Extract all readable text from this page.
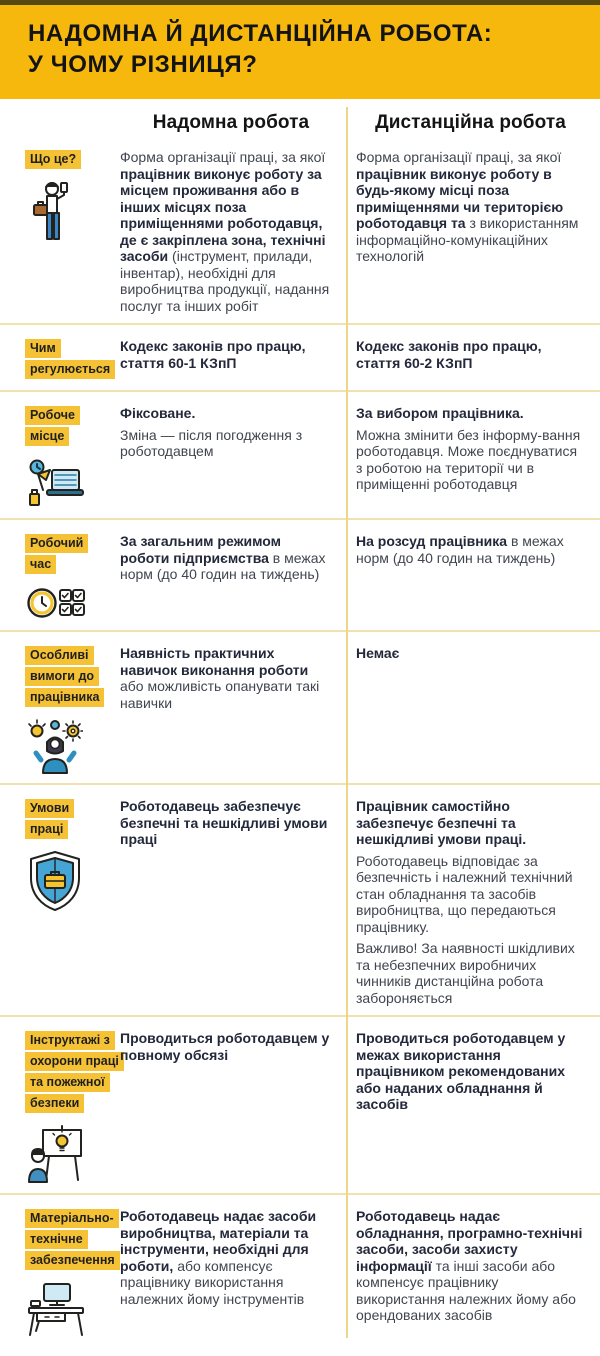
НАДОМНА Й ДИСТАНЦІЙНА РОБОТА:
У ЧОМУ РІЗНИЦЯ?
Надомна робота	Дистанційна робота
Що це?	Форма організації праці, за якої працівник виконує роботу за місцем проживання або в інших місцях поза приміщеннями роботодавця, де є закріплена зона, технічні засоби (інструмент, прилади, інвентар), необхідні для виробництва продукції, надання послуг та інших робіт

Форма організації праці, за якої працівник виконує роботу в будь-якому місці поза приміщеннями чи територією роботодавця та з використанням інформаційно-комунікаційних технологій

Чим
регулюється

Кодекс законів про працю, стаття 60-1 КЗпП

Кодекс законів про працю, стаття 60-2 КЗпП

Робоче
місце

Фіксоване.

Зміна — після погодження з роботодавцем

За вибором працівника.

Можна змінити без інформу-вання роботодавця. Може поєднуватися з роботою на території чи в приміщенні роботодавця

Робочий
час

За загальним режимом роботи підприємства в межах норм (до 40 годин на тиждень)

На розсуд працівника в межах норм (до 40 годин на тиждень)

Особливі
вимоги до
працівника

Наявність практичних навичок виконання роботи або можливість опанувати такі навички

Немає

Умови
праці

Роботодавець забезпечує безпечні та нешкідливі умови праці

Працівник самостійно забезпечує безпечні та нешкідливі умови праці.

Роботодавець відповідає за безпечність і належний технічний стан обладнання та засобів виробництва, що передаються працівнику.

Важливо! За наявності шкідливих та небезпечних виробничих чинників дистанційна робота забороняється

Інструктажі з
охорони праці
та пожежної
безпеки

Проводиться роботодавцем у повному обсязі

Проводиться роботодавцем у межах використання працівником рекомендованих або наданих обладнання й засобів

Матеріально-
технічне
забезпечення

Роботодавець надає засоби виробництва, матеріали та інструменти, необхідні для роботи, або компенсує працівнику використання належних йому інструментів

Роботодавець надає обладнання, програмно-технічні засоби, засоби захисту інформації та інші засоби або компенсує працівнику використання належних йому або орендованих засобів
